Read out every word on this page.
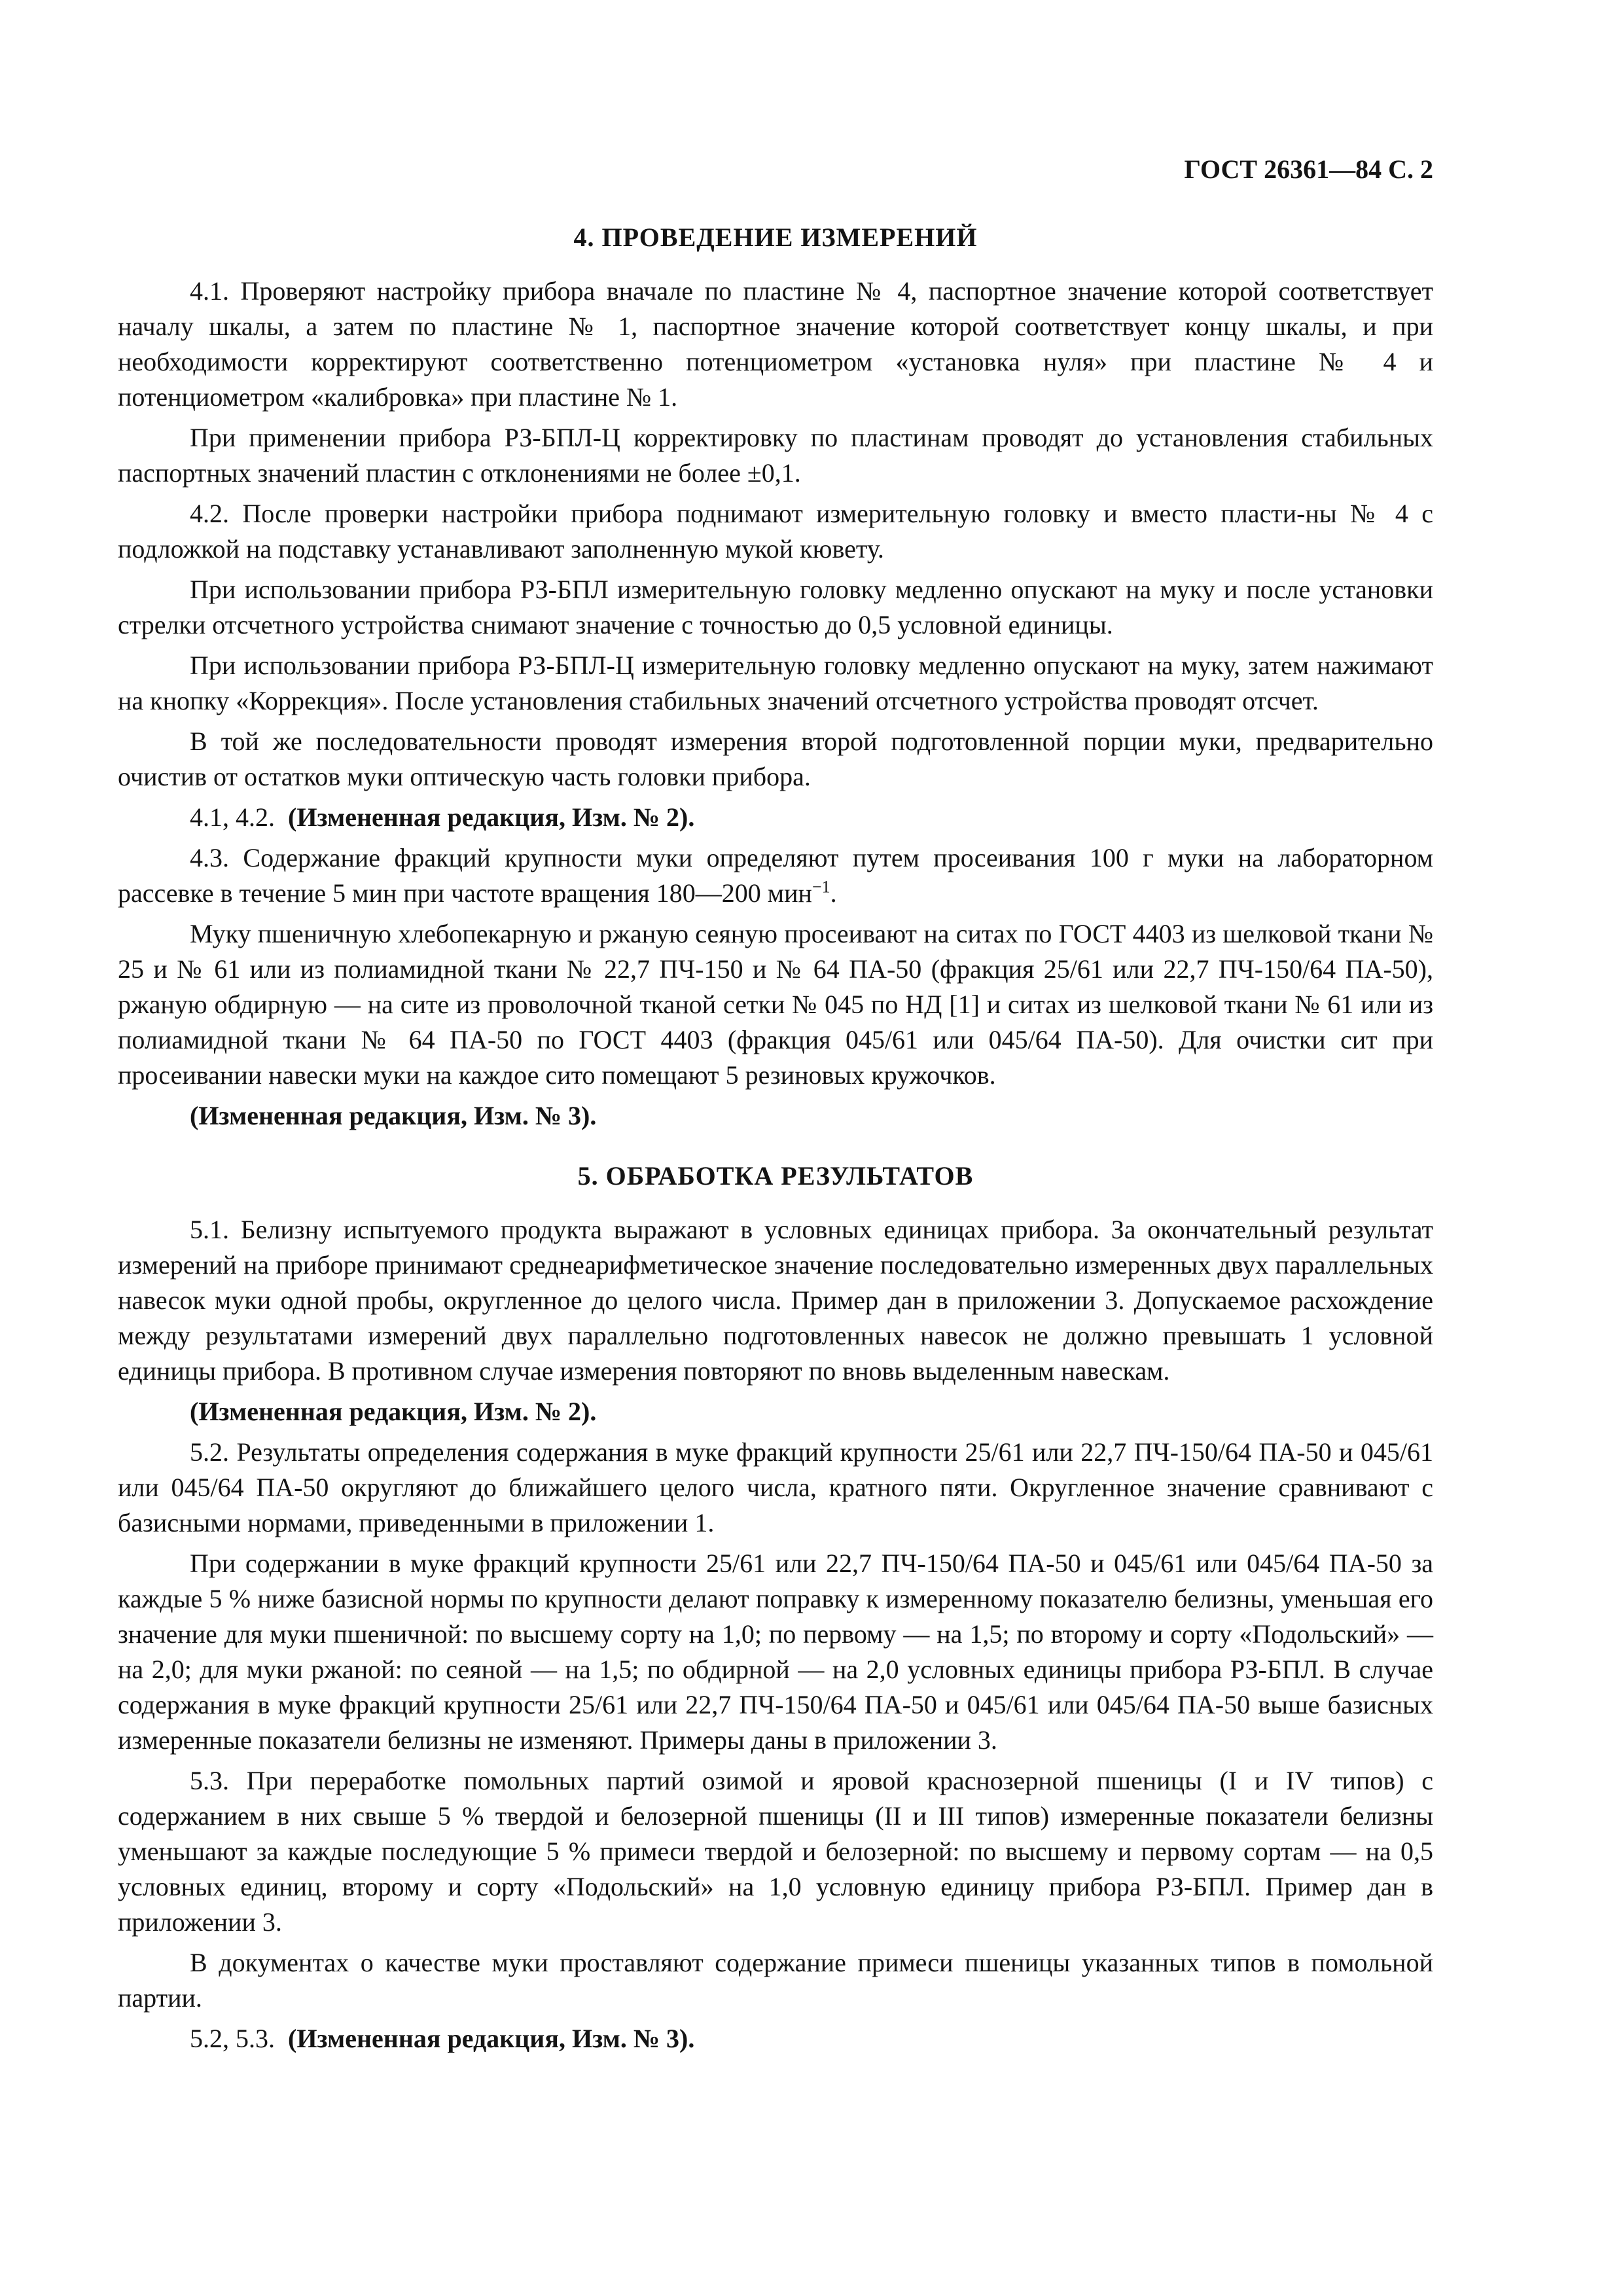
ГОСТ 26361—84 С. 2
4. ПРОВЕДЕНИЕ ИЗМЕРЕНИЙ

4.1. Проверяют настройку прибора вначале по пластине № 4, паспортное значение которой соответствует началу шкалы, а затем по пластине № 1, паспортное значение которой соответствует концу шкалы, и при необходимости корректируют соответственно потенциометром «установка нуля» при пластине № 4 и потенциометром «калибровка» при пластине № 1.

При применении прибора РЗ-БПЛ-Ц корректировку по пластинам проводят до установления стабильных паспортных значений пластин с отклонениями не более ±0,1.

4.2. После проверки настройки прибора поднимают измерительную головку и вместо пласти-ны № 4 с подложкой на подставку устанавливают заполненную мукой кювету.

При использовании прибора РЗ-БПЛ измерительную головку медленно опускают на муку и после установки стрелки отсчетного устройства снимают значение с точностью до 0,5 условной единицы.

При использовании прибора РЗ-БПЛ-Ц измерительную головку медленно опускают на муку, затем нажимают на кнопку «Коррекция». После установления стабильных значений отсчетного устройства проводят отсчет.

В той же последовательности проводят измерения второй подготовленной порции муки, предварительно очистив от остатков муки оптическую часть головки прибора.

4.1, 4.2. (Измененная редакция, Изм. № 2).

4.3. Содержание фракций крупности муки определяют путем просеивания 100 г муки на лабораторном рассевке в течение 5 мин при частоте вращения 180—200 мин$^{-1}$.

Муку пшеничную хлебопекарную и ржаную сеяную просеивают на ситах по ГОСТ 4403 из шелковой ткани № 25 и № 61 или из полиамидной ткани № 22,7 ПЧ-150 и № 64 ПА-50 (фракция 25/61 или 22,7 ПЧ-150/64 ПА-50), ржаную обдирную — на сите из проволочной тканой сетки № 045 по НД [1] и ситах из шелковой ткани № 61 или из полиамидной ткани № 64 ПА-50 по ГОСТ 4403 (фракция 045/61 или 045/64 ПА-50). Для очистки сит при просеивании навески муки на каждое сито помещают 5 резиновых кружочков.

(Измененная редакция, Изм. № 3).

5. ОБРАБОТКА РЕЗУЛЬТАТОВ

5.1. Белизну испытуемого продукта выражают в условных единицах прибора. За окончательный результат измерений на приборе принимают среднеарифметическое значение последовательно измеренных двух параллельных навесок муки одной пробы, округленное до целого числа. Пример дан в приложении 3. Допускаемое расхождение между результатами измерений двух параллельно подготовленных навесок не должно превышать 1 условной единицы прибора. В противном случае измерения повторяют по вновь выделенным навескам.

(Измененная редакция, Изм. № 2).

5.2. Результаты определения содержания в муке фракций крупности 25/61 или 22,7 ПЧ-150/64 ПА-50 и 045/61 или 045/64 ПА-50 округляют до ближайшего целого числа, кратного пяти. Округленное значение сравнивают с базисными нормами, приведенными в приложении 1.

При содержании в муке фракций крупности 25/61 или 22,7 ПЧ-150/64 ПА-50 и 045/61 или 045/64 ПА-50 за каждые 5 % ниже базисной нормы по крупности делают поправку к измеренному показателю белизны, уменьшая его значение для муки пшеничной: по высшему сорту на 1,0; по первому — на 1,5; по второму и сорту «Подольский» — на 2,0; для муки ржаной: по сеяной — на 1,5; по обдирной — на 2,0 условных единицы прибора РЗ-БПЛ. В случае содержания в муке фракций крупности 25/61 или 22,7 ПЧ-150/64 ПА-50 и 045/61 или 045/64 ПА-50 выше базисных измеренные показатели белизны не изменяют. Примеры даны в приложении 3.

5.3. При переработке помольных партий озимой и яровой краснозерной пшеницы (I и IV типов) с содержанием в них свыше 5 % твердой и белозерной пшеницы (II и III типов) измеренные показатели белизны уменьшают за каждые последующие 5 % примеси твердой и белозерной: по высшему и первому сортам — на 0,5 условных единиц, второму и сорту «Подольский» на 1,0 условную единицу прибора РЗ-БПЛ. Пример дан в приложении 3.

В документах о качестве муки проставляют содержание примеси пшеницы указанных типов в помольной партии.

5.2, 5.3. (Измененная редакция, Изм. № 3).
